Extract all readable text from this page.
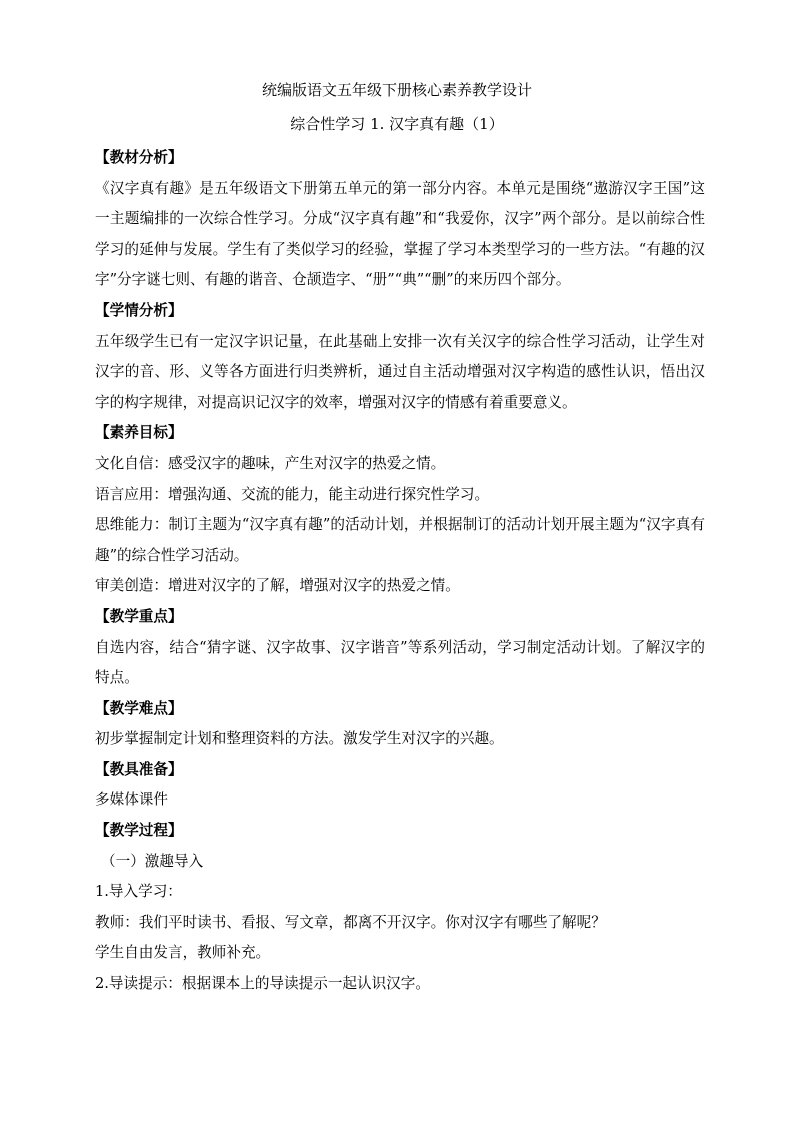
统编版语文五年级下册核心素养教学设计
综合性学习 1. 汉字真有趣（1）

【教材分析】

《汉字真有趣》是五年级语文下册第五单元的第一部分内容。本单元是围绕“遨游汉字王国”这一主题编排的一次综合性学习。分成“汉字真有趣”和“我爱你，汉字”两个部分。是以前综合性学习的延伸与发展。学生有了类似学习的经验，掌握了学习本类型学习的一些方法。“有趣的汉字”分字谜七则、有趣的谐音、仓颉造字、“册”“典”“删”的来历四个部分。

【学情分析】

五年级学生已有一定汉字识记量，在此基础上安排一次有关汉字的综合性学习活动，让学生对汉字的音、形、义等各方面进行归类辨析，通过自主活动增强对汉字构造的感性认识，悟出汉字的构字规律，对提高识记汉字的效率，增强对汉字的情感有着重要意义。

【素养目标】

文化自信：感受汉字的趣味，产生对汉字的热爱之情。

语言应用：增强沟通、交流的能力，能主动进行探究性学习。

思维能力：制订主题为“汉字真有趣”的活动计划，并根据制订的活动计划开展主题为“汉字真有趣”的综合性学习活动。

审美创造：增进对汉字的了解，增强对汉字的热爱之情。

【教学重点】

自选内容，结合“猜字谜、汉字故事、汉字谐音”等系列活动，学习制定活动计划。了解汉字的特点。

【教学难点】

初步掌握制定计划和整理资料的方法。激发学生对汉字的兴趣。

【教具准备】

多媒体课件

【教学过程】

（一）激趣导入

1.导入学习：

教师：我们平时读书、看报、写文章，都离不开汉字。你对汉字有哪些了解呢？

学生自由发言，教师补充。

2.导读提示：根据课本上的导读提示一起认识汉字。
